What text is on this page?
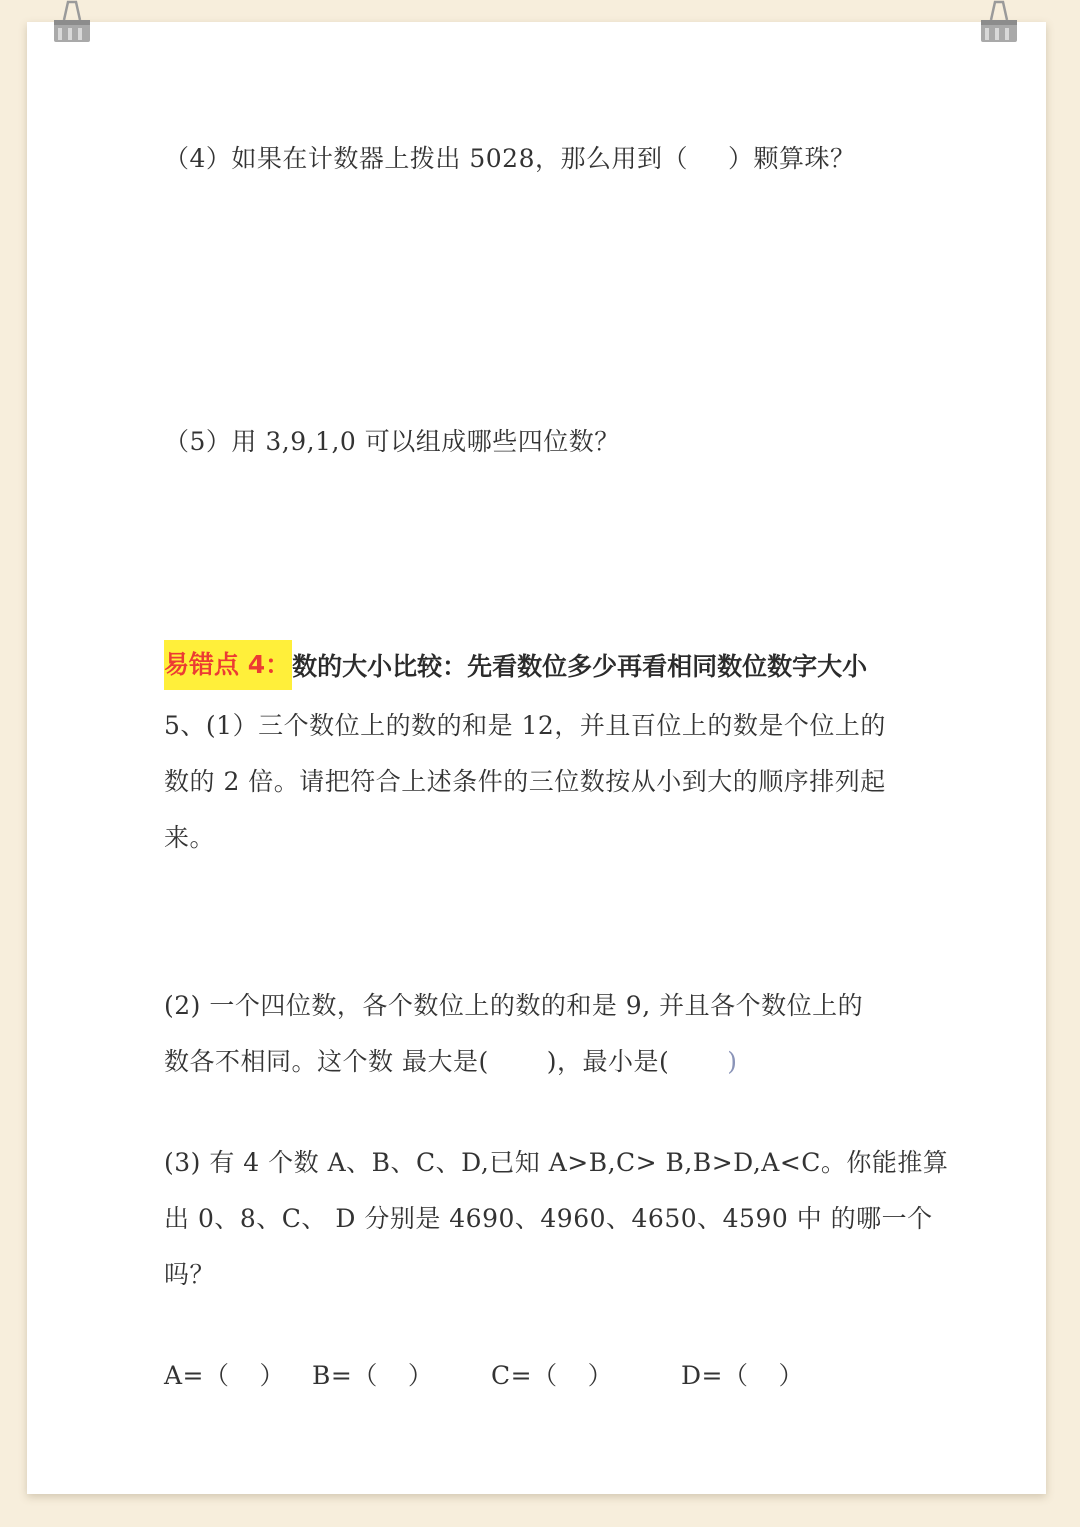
（4）如果在计数器上拨出 5028，那么用到（ ）颗算珠？
（5）用 3,9,1,0 可以组成哪些四位数？
易错点 4： 数的大小比较：先看数位多少再看相同数位数字大小
5、(1）三个数位上的数的和是 12，并且百位上的数是个位上的
数的 2 倍。请把符合上述条件的三位数按从小到大的顺序排列起
来。
(2) 一个四位数，各个数位上的数的和是 9, 并且各个数位上的
数各不相同。这个数 最大是( )，最小是( )
(3) 有 4 个数 A、B、C、D,已知 A>B,C> B,B>D,A<C。你能推算
出 0、8、C、 D 分别是 4690、4960、4650、4590 中 的哪一个
吗？
A=（ ） B=（ ） C=（ ）	D=（ ）
